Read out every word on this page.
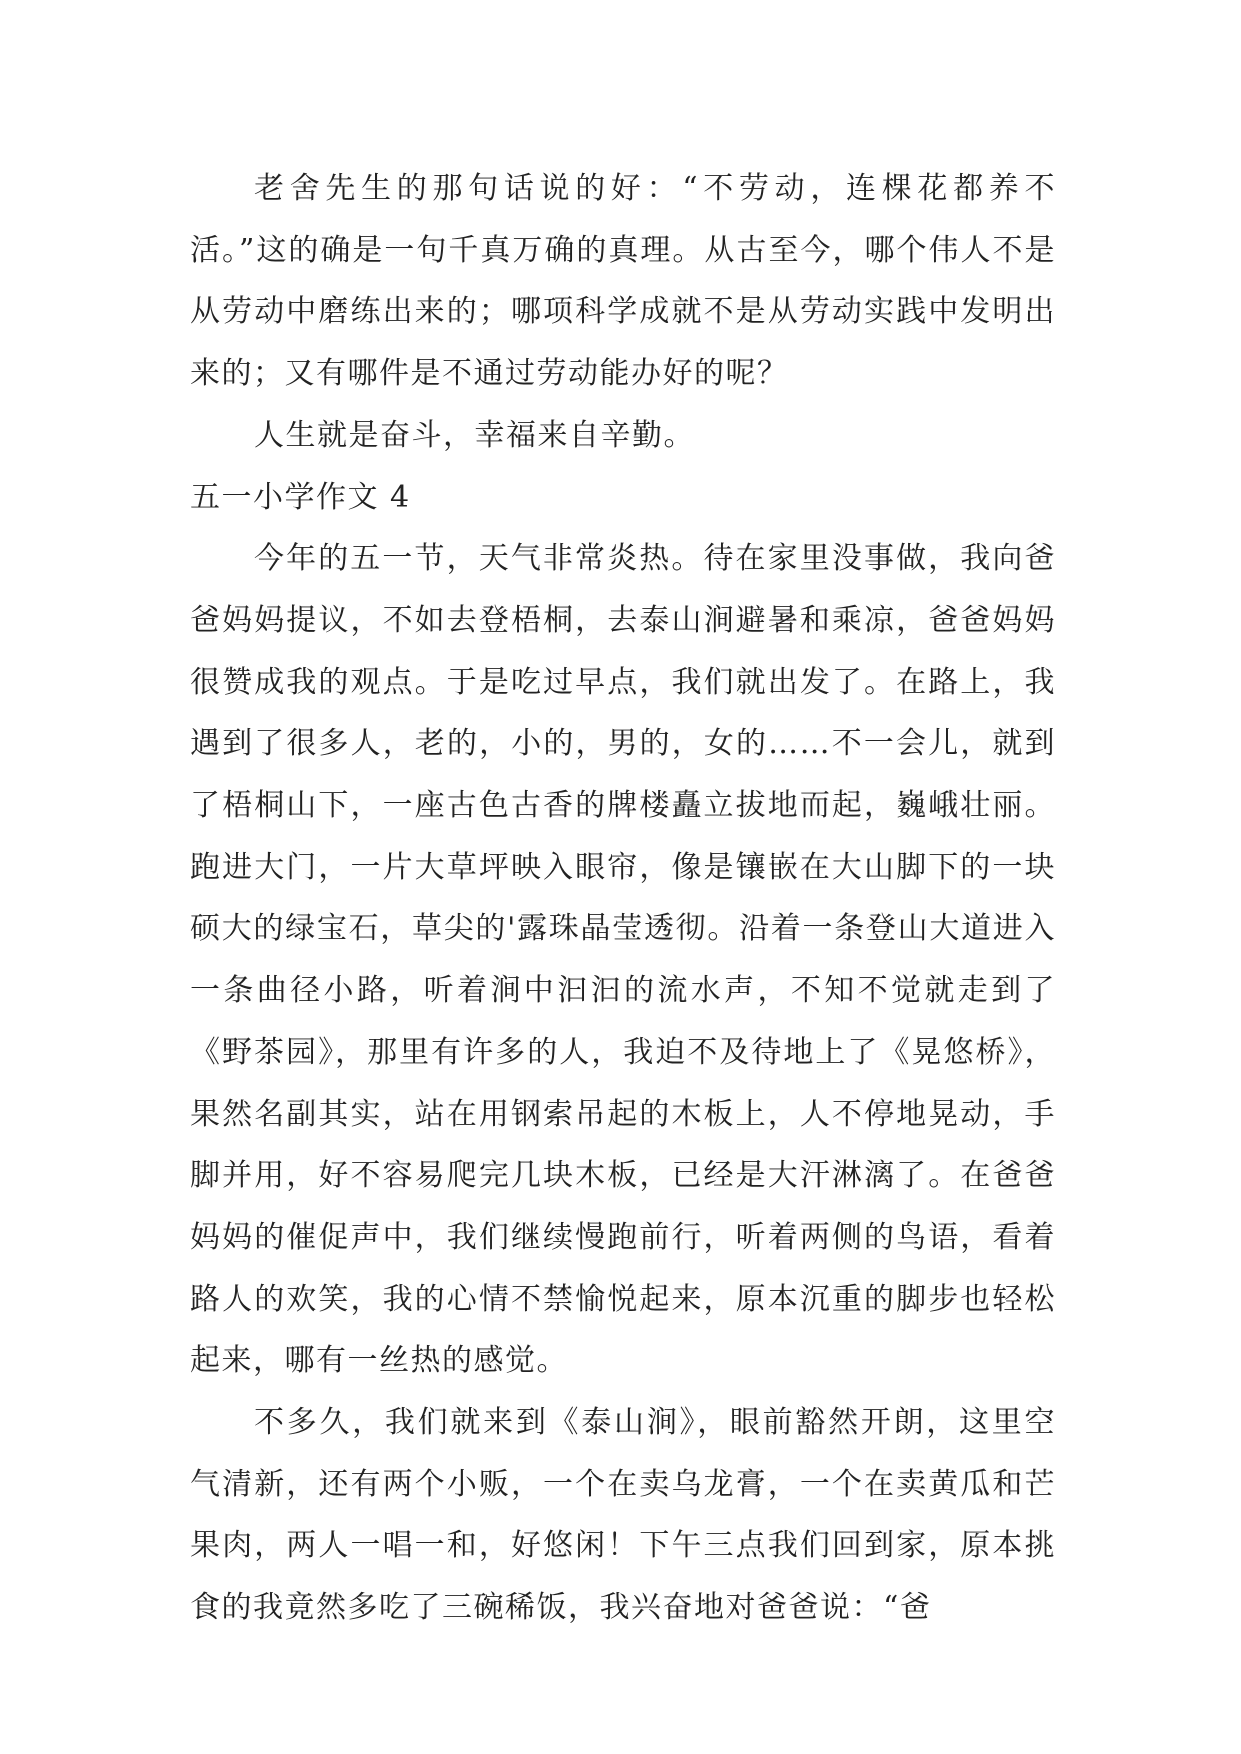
老舍先生的那句话说的好：“不劳动，连棵花都养不活。”这的确是一句千真万确的真理。从古至今，哪个伟人不是从劳动中磨练出来的；哪项科学成就不是从劳动实践中发明出来的；又有哪件是不通过劳动能办好的呢？

人生就是奋斗，幸福来自辛勤。

五一小学作文 4

今年的五一节，天气非常炎热。待在家里没事做，我向爸爸妈妈提议，不如去登梧桐，去泰山涧避暑和乘凉，爸爸妈妈很赞成我的观点。于是吃过早点，我们就出发了。在路上，我遇到了很多人，老的，小的，男的，女的……不一会儿，就到了梧桐山下，一座古色古香的牌楼矗立拔地而起，巍峨壮丽。跑进大门，一片大草坪映入眼帘，像是镶嵌在大山脚下的一块硕大的绿宝石，草尖的'露珠晶莹透彻。沿着一条登山大道进入一条曲径小路，听着涧中汩汩的流水声，不知不觉就走到了《野茶园》，那里有许多的人，我迫不及待地上了《晃悠桥》，果然名副其实，站在用钢索吊起的木板上，人不停地晃动，手脚并用，好不容易爬完几块木板，已经是大汗淋漓了。在爸爸妈妈的催促声中，我们继续慢跑前行，听着两侧的鸟语，看着路人的欢笑，我的心情不禁愉悦起来，原本沉重的脚步也轻松起来，哪有一丝热的感觉。

不多久，我们就来到《泰山涧》，眼前豁然开朗，这里空气清新，还有两个小贩，一个在卖乌龙膏，一个在卖黄瓜和芒果肉，两人一唱一和，好悠闲！下午三点我们回到家，原本挑食的我竟然多吃了三碗稀饭，我兴奋地对爸爸说：“爸
